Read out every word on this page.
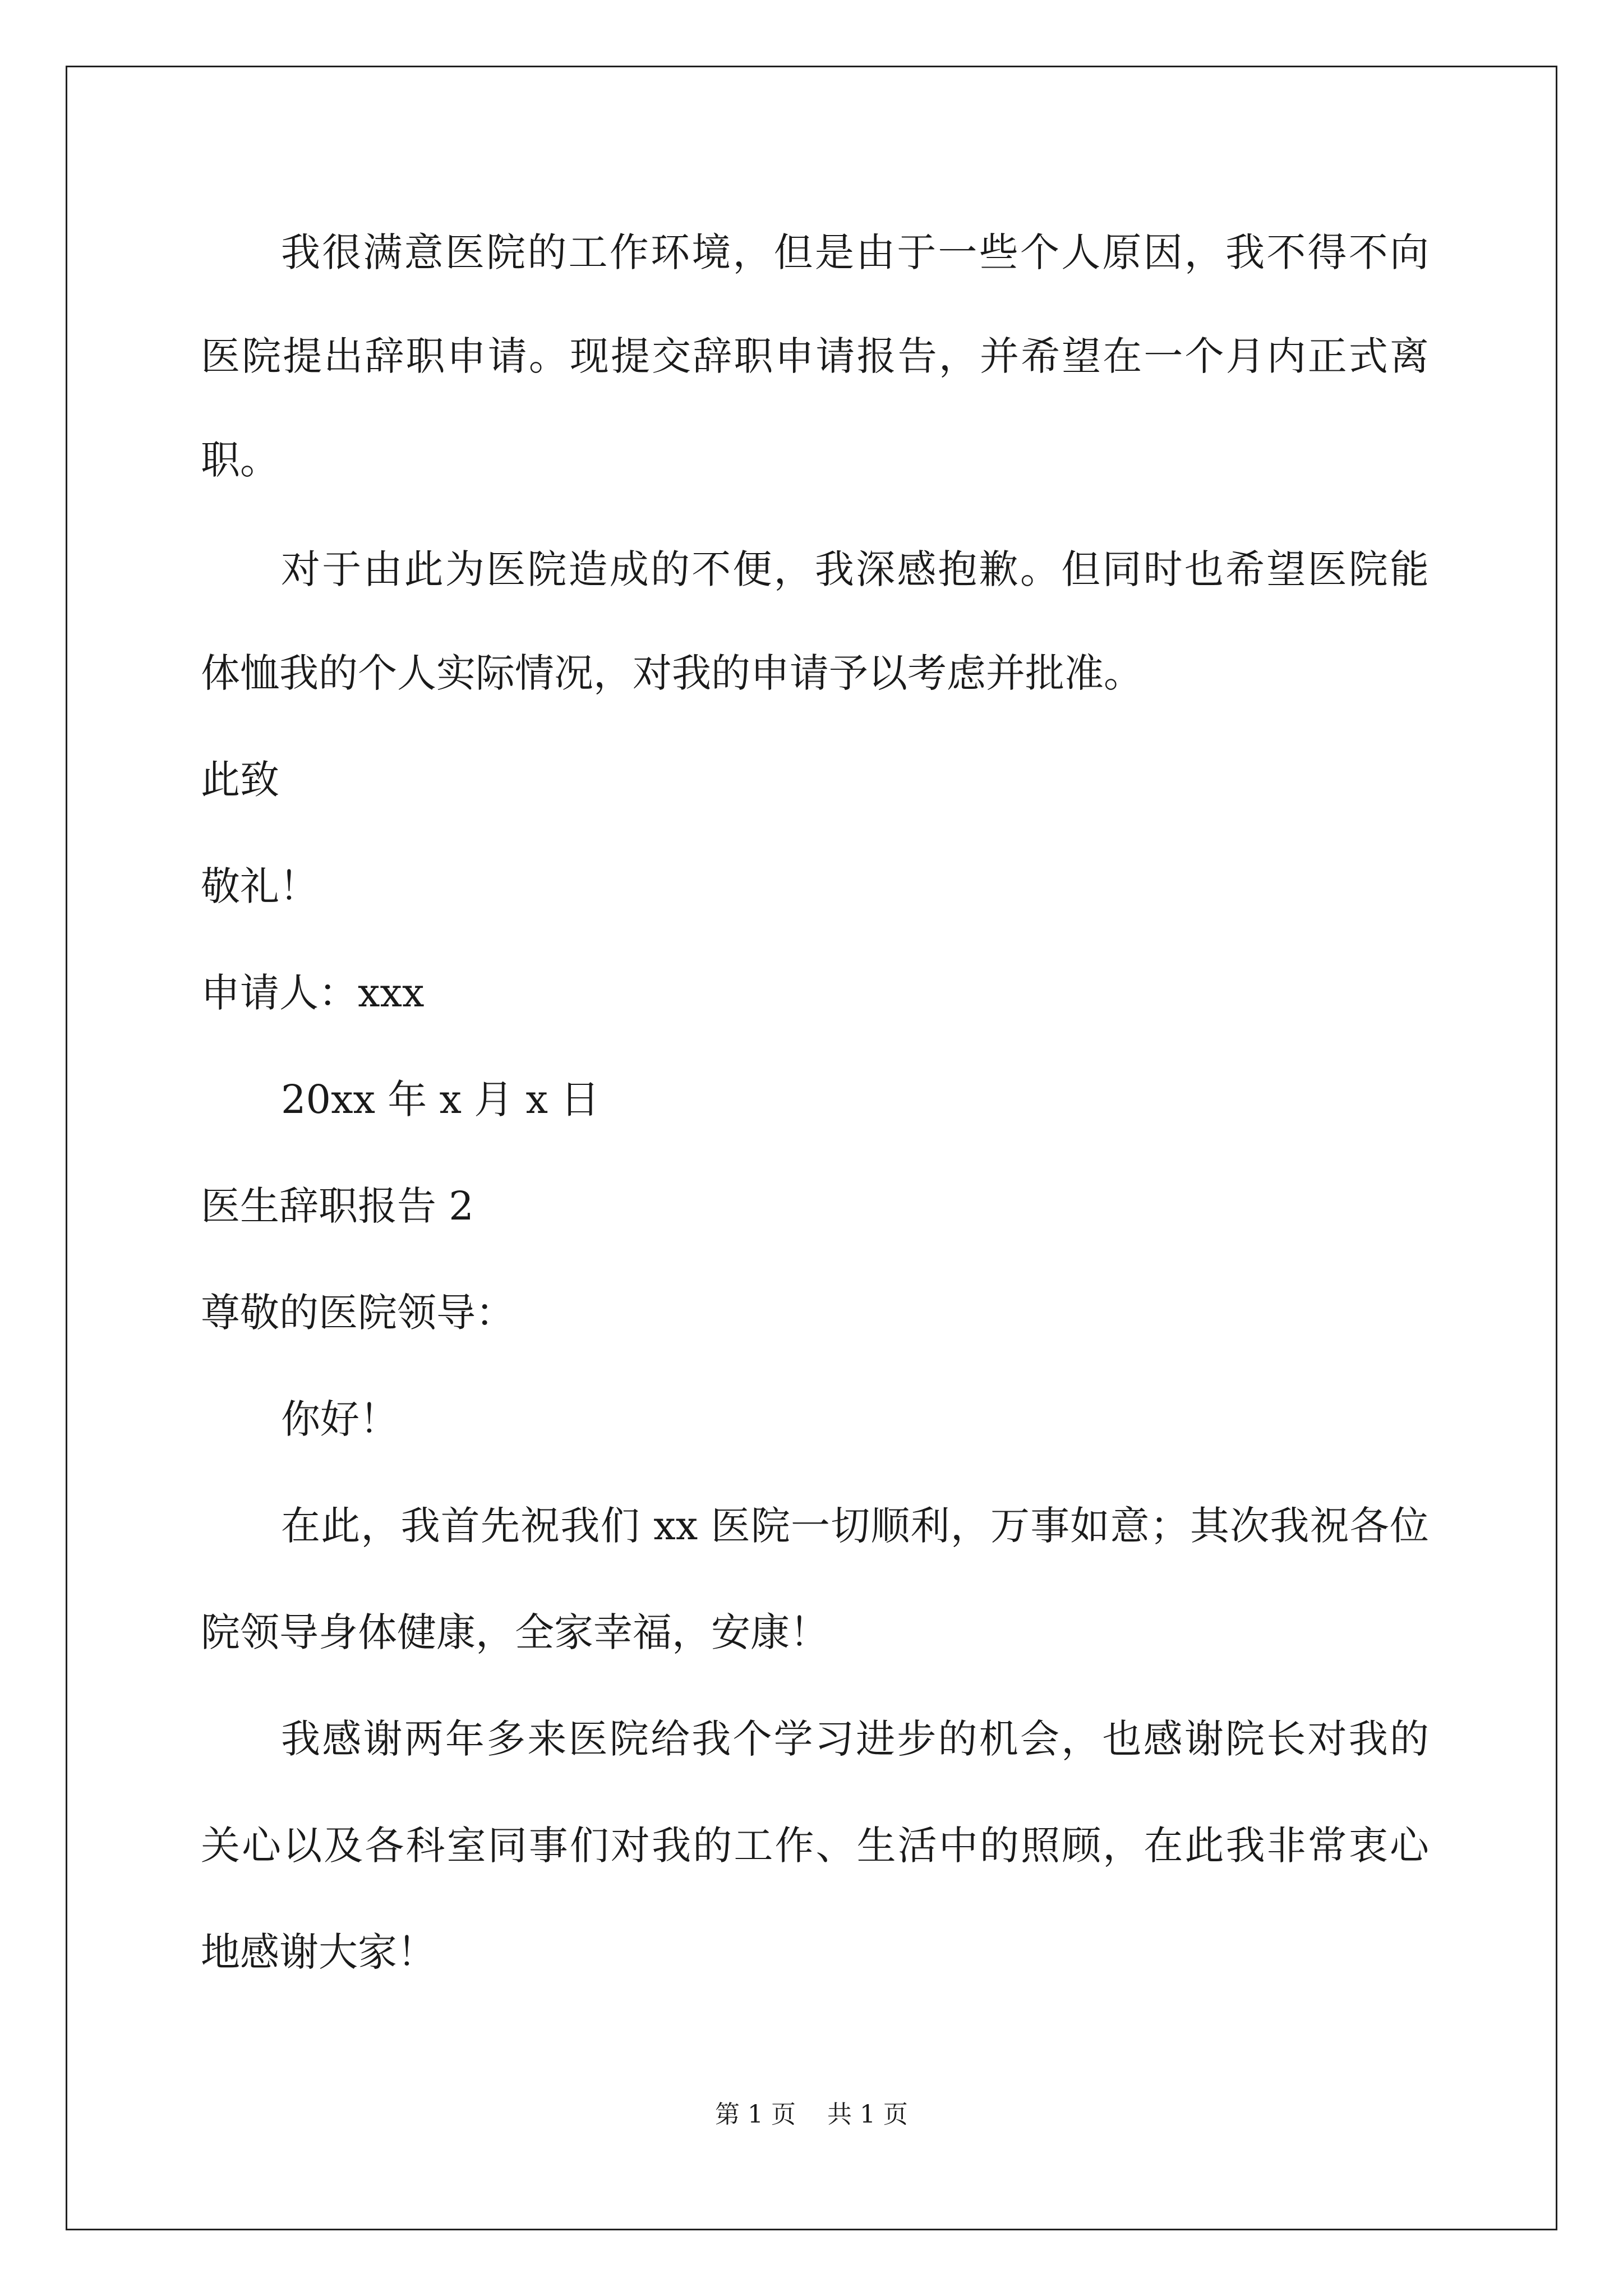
我很满意医院的工作环境，但是由于一些个人原因，我不得不向
医院提出辞职申请。现提交辞职申请报告，并希望在一个月内正式离
职。
对于由此为医院造成的不便，我深感抱歉。但同时也希望医院能
体恤我的个人实际情况，对我的申请予以考虑并批准。
此致
敬礼！
申请人：xxx
20xx 年 x 月 x 日
医生辞职报告 2
尊敬的医院领导：
你好！
在此，我首先祝我们 xx 医院一切顺利，万事如意；其次我祝各位
院领导身体健康，全家幸福，安康！
我感谢两年多来医院给我个学习进步的机会，也感谢院长对我的
关心以及各科室同事们对我的工作、生活中的照顾，在此我非常衷心
地感谢大家！
第 1 页    共 1 页
